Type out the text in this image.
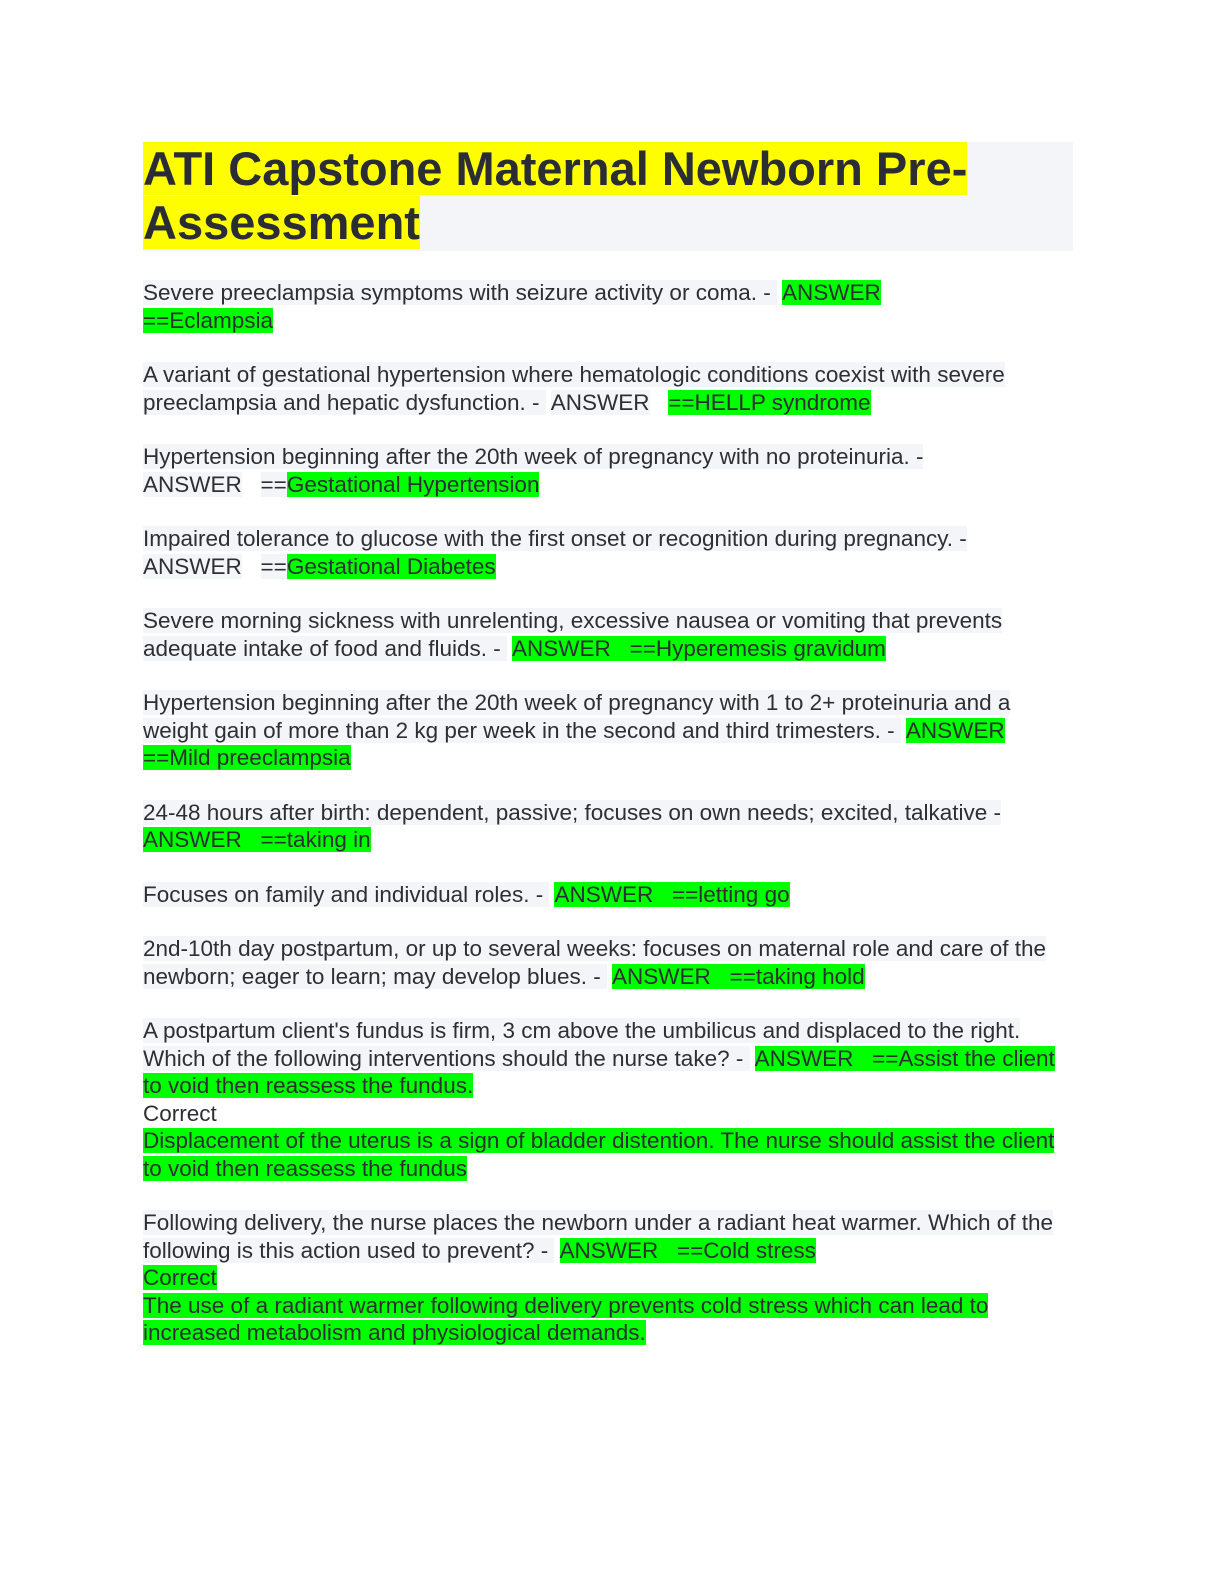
ATI Capstone Maternal Newborn Pre-
Assessment

Severe preeclampsia symptoms with seizure activity or coma. -  ANSWER
==Eclampsia

A variant of gestational hypertension where hematologic conditions coexist with severe preeclampsia and hepatic dysfunction. -  ANSWER ==HELLP syndrome

Hypertension beginning after the 20th week of pregnancy with no proteinuria. -
ANSWER ==Gestational Hypertension

Impaired tolerance to glucose with the first onset or recognition during pregnancy. -
ANSWER ==Gestational Diabetes

Severe morning sickness with unrelenting, excessive nausea or vomiting that prevents adequate intake of food and fluids. -  ANSWER ==Hyperemesis gravidum

Hypertension beginning after the 20th week of pregnancy with 1 to 2+ proteinuria and a weight gain of more than 2 kg per week in the second and third trimesters. -  ANSWER
==Mild preeclampsia

24-48 hours after birth: dependent, passive; focuses on own needs; excited, talkative -
ANSWER ==taking in

Focuses on family and individual roles. -  ANSWER ==letting go

2nd-10th day postpartum, or up to several weeks: focuses on maternal role and care of the newborn; eager to learn; may develop blues. -  ANSWER ==taking hold

A postpartum client's fundus is firm, 3 cm above the umbilicus and displaced to the right. Which of the following interventions should the nurse take? -  ANSWER ==Assist the client to void then reassess the fundus.
Correct
Displacement of the uterus is a sign of bladder distention. The nurse should assist the client to void then reassess the fundus

Following delivery, the nurse places the newborn under a radiant heat warmer. Which of the following is this action used to prevent? -  ANSWER ==Cold stress
Correct
The use of a radiant warmer following delivery prevents cold stress which can lead to increased metabolism and physiological demands.
